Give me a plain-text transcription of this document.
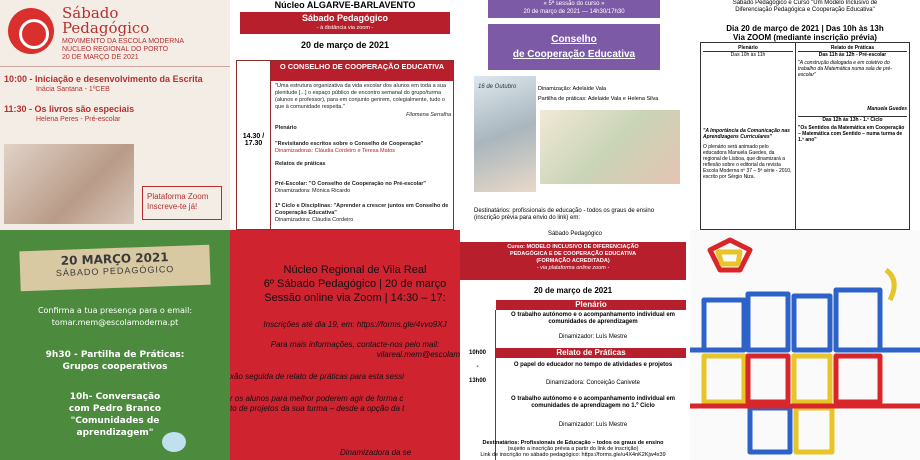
Sábado
Pedagógico
MOVIMENTO DA ESCOLA MODERNA
NÚCLEO REGIONAL DO PORTO
20 DE MARÇO DE 2021
10:00 - Iniciação e desenvolvimento da Escrita
Inácia Santana - 1ºCEB
11:30 - Os livros são especiais
Helena Peres - Pré-escolar
Plataforma Zoom
Inscreve-te já!
Núcleo ALGARVE-BARLAVENTO
Sábado Pedagógico
- à distância via zoom -
20 de março de 2021
14.30 / 17.30
O CONSELHO DE COOPERAÇÃO EDUCATIVA
"Uma estrutura organizativa da vida escolar dos alunos em toda a sua plenitude [...] o espaço público de encontro semanal do grupo/turma (alunos e professor), para em conjunto gerirem, colegialmente, tudo o que à comunidade respeita."
Filomena Serralha
Plenário
"Revisitando escritos sobre o Conselho de Cooperação"
Dinamizadoras: Cláudia Cordeiro e Teresa Matos
Relatos de práticas
Pré-Escolar: "O Conselho de Cooperação no Pré-escolar"
Dinamizadora: Mónica Ricardo
1º Ciclo e Disciplinas: "Aprender a crescer juntos em Conselho de Cooperação Educativa"
Dinamizadora: Cláudia Cordeiro
« 5ª sessão do curso »
20 de março de 2021 — 14h30/17h30
Conselho
de Cooperação Educativa
16 de Outubro	Dinamização: Adelaide Vala
Partilha de práticas: Adelaide Vala e Helena Silva
Destinatários: profissionais de educação - todos os graus de ensino (inscrição prévia para envio do link) em:
Sábado Pedagógico e Curso "Um Modelo Inclusivo de
Diferenciação Pedagógica e Cooperação Educativa"
Dia 20 de março de 2021 | Das 10h às 13h
Via ZOOM (mediante inscrição prévia)
Plenário
Das 10h às 11h
"A Importância da Comunicação nas Aprendizagens Curriculares"
O plenário será animado pelo educadora Manuela Guedes, da regional de Lisboa, que dinamizará a reflexão sobre o editorial da revista Escola Moderna nº 37 – 5ª série - 2010, escrito por Sérgio Niza.
Relato de Práticas
Das 11h às 12h - Pré-escolar
"A construção dialogada e em coletivo do trabalho da Matemática numa sala de pré-escolar"
Manuela Guedes
Das 12h às 13h - 1.º Ciclo
"Os Sentidos da Matemática em Cooperação – Matemática com Sentido – numa turma de 1.º ano"
20 MARÇO 2021
SÁBADO PEDAGÓGICO
Confirma a tua presença para o email:
tomar.mem@escolamoderna.pt
9h30 - Partilha de Práticas:
Grupos cooperativos
10h- Conversação
com Pedro Branco
"Comunidades de
aprendizagem"
Núcleo Regional de Vila Real
6º Sábado Pedagógico | 20 de março
Sessão online via Zoom | 14:30 – 17:
Inscrições até dia 19, em: https://forms.gle/4vvo9XJ
Para mais informações, contacte-nos pelo mail:
vilareal.mem@escolam
xão seguida de relato de práticas para esta sessi
r os alunos para melhor poderem agir de forma c
to de projetos da sua turma – desde a opção da t
Dinamizadora da se
Sábado Pedagógico
Curso: MODELO INCLUSIVO DE DIFERENCIAÇÃO
PEDAGÓGICA E DE COOPERAÇÃO EDUCATIVA
(FORMAÇÃO ACREDITADA)
- via plataforma online zoom -
20 de março de 2021
Plenário
10h00
-
13h00
O trabalho autónomo e o acompanhamento individual em comunidades de aprendizagem
Dinamizador: Luís Mestre
Relato de Práticas
O papel do educador no tempo de atividades e projetos
Dinamizadora: Conceição Canivete
O trabalho autónomo e o acompanhamento individual em comunidades de aprendizagem no 1.º Ciclo
Dinamizador: Luís Mestre
Destinatários: Profissionais de Educação – todos os graus de ensino
(sujeito a inscrição prévia a partir do link de inscrição)
Link de inscrição no sábado pedagógico: https://forms.gle/u4X4nK2Kjw4x39
